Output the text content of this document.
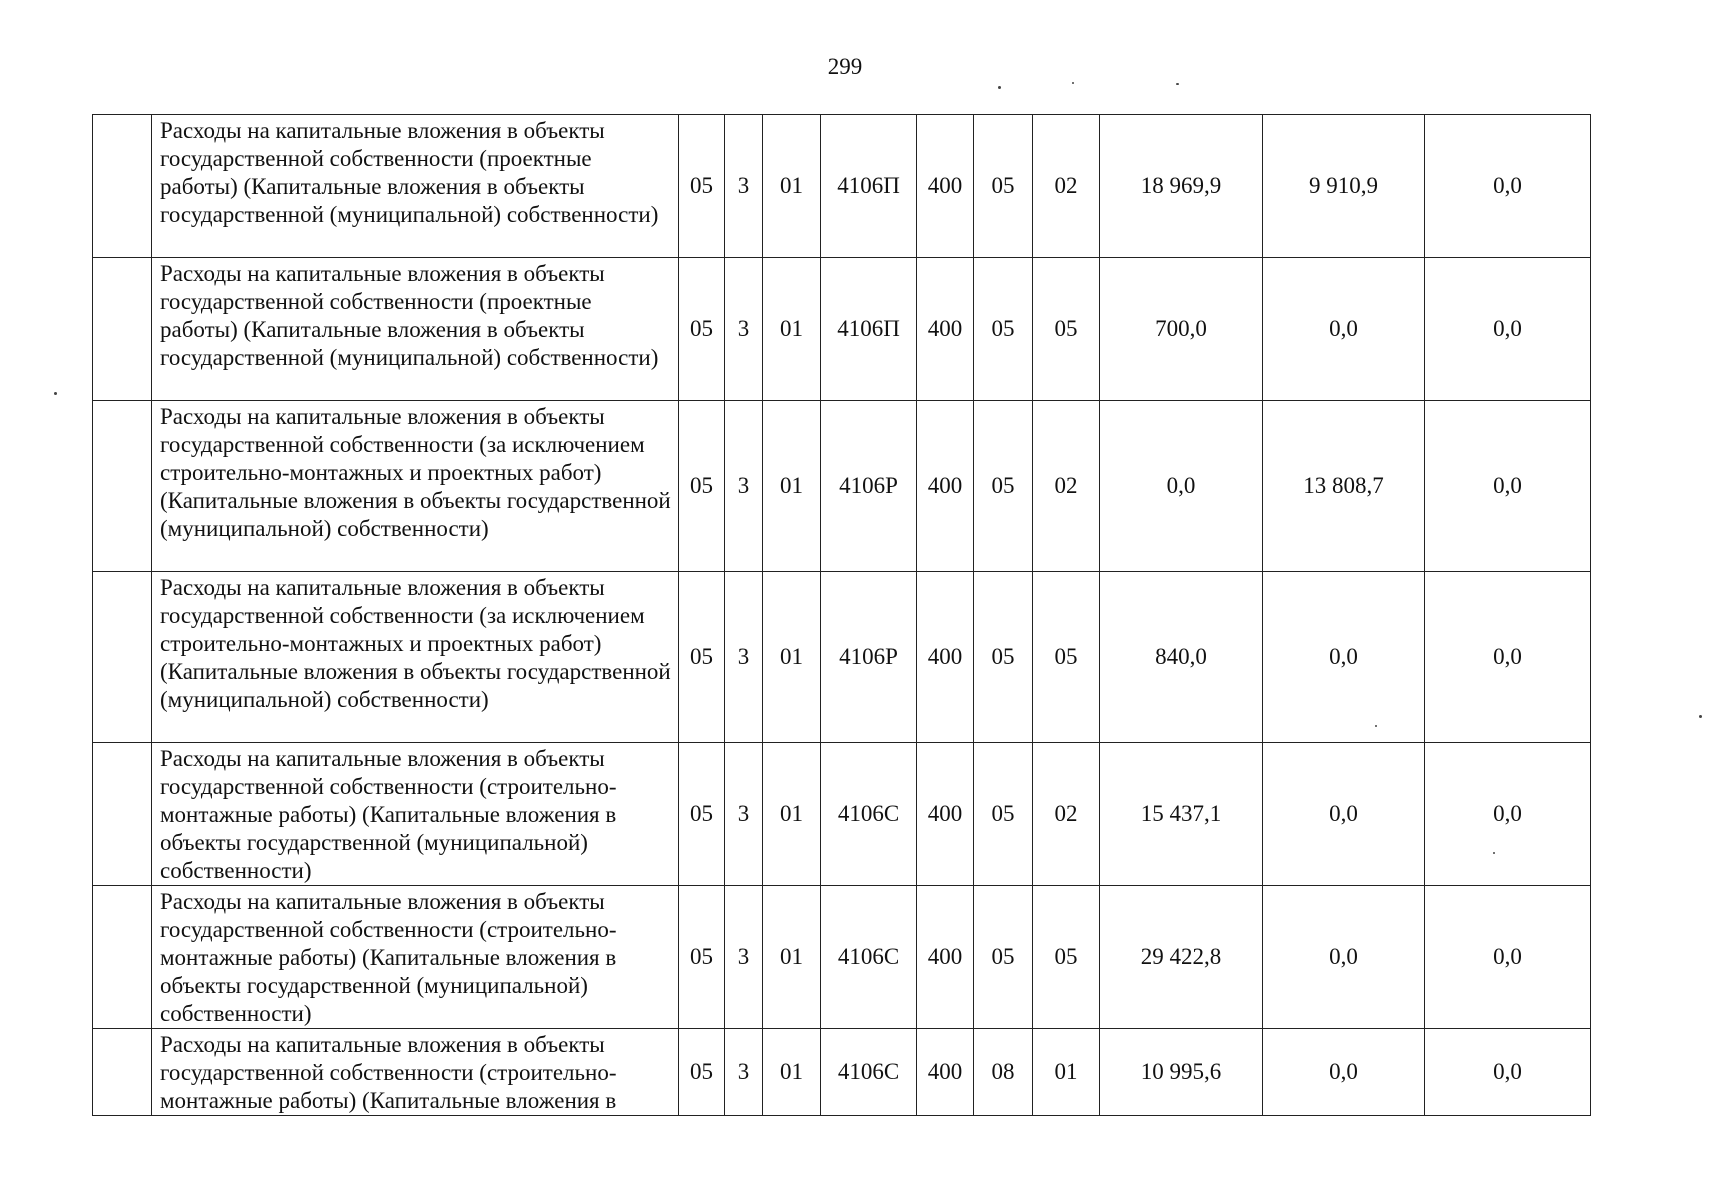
299
	Расходы на капитальные вложения в объекты государственной собственности (проектные работы) (Капитальные вложения в объекты государственной (муниципальной) собственности)	05	3	01	4106П	400	05	02	18 969,9	9 910,9	0,0
	Расходы на капитальные вложения в объекты государственной собственности (проектные работы) (Капитальные вложения в объекты государственной (муниципальной) собственности)	05	3	01	4106П	400	05	05	700,0	0,0	0,0
	Расходы на капитальные вложения в объекты государственной собственности (за исключением строительно-монтажных и проектных работ) (Капитальные вложения в объекты государственной (муниципальной) собственности)	05	3	01	4106Р	400	05	02	0,0	13 808,7	0,0
	Расходы на капитальные вложения в объекты государственной собственности (за исключением строительно-монтажных и проектных работ) (Капитальные вложения в объекты государственной (муниципальной) собственности)	05	3	01	4106Р	400	05	05	840,0	0,0	0,0
	Расходы на капитальные вложения в объекты государственной собственности (строительно-монтажные работы) (Капитальные вложения в объекты государственной (муниципальной) собственности)	05	3	01	4106С	400	05	02	15 437,1	0,0	0,0
	Расходы на капитальные вложения в объекты государственной собственности (строительно-монтажные работы) (Капитальные вложения в объекты государственной (муниципальной) собственности)	05	3	01	4106С	400	05	05	29 422,8	0,0	0,0
	Расходы на капитальные вложения в объекты государственной собственности (строительно-монтажные работы) (Капитальные вложения в	05	3	01	4106С	400	08	01	10 995,6	0,0	0,0
